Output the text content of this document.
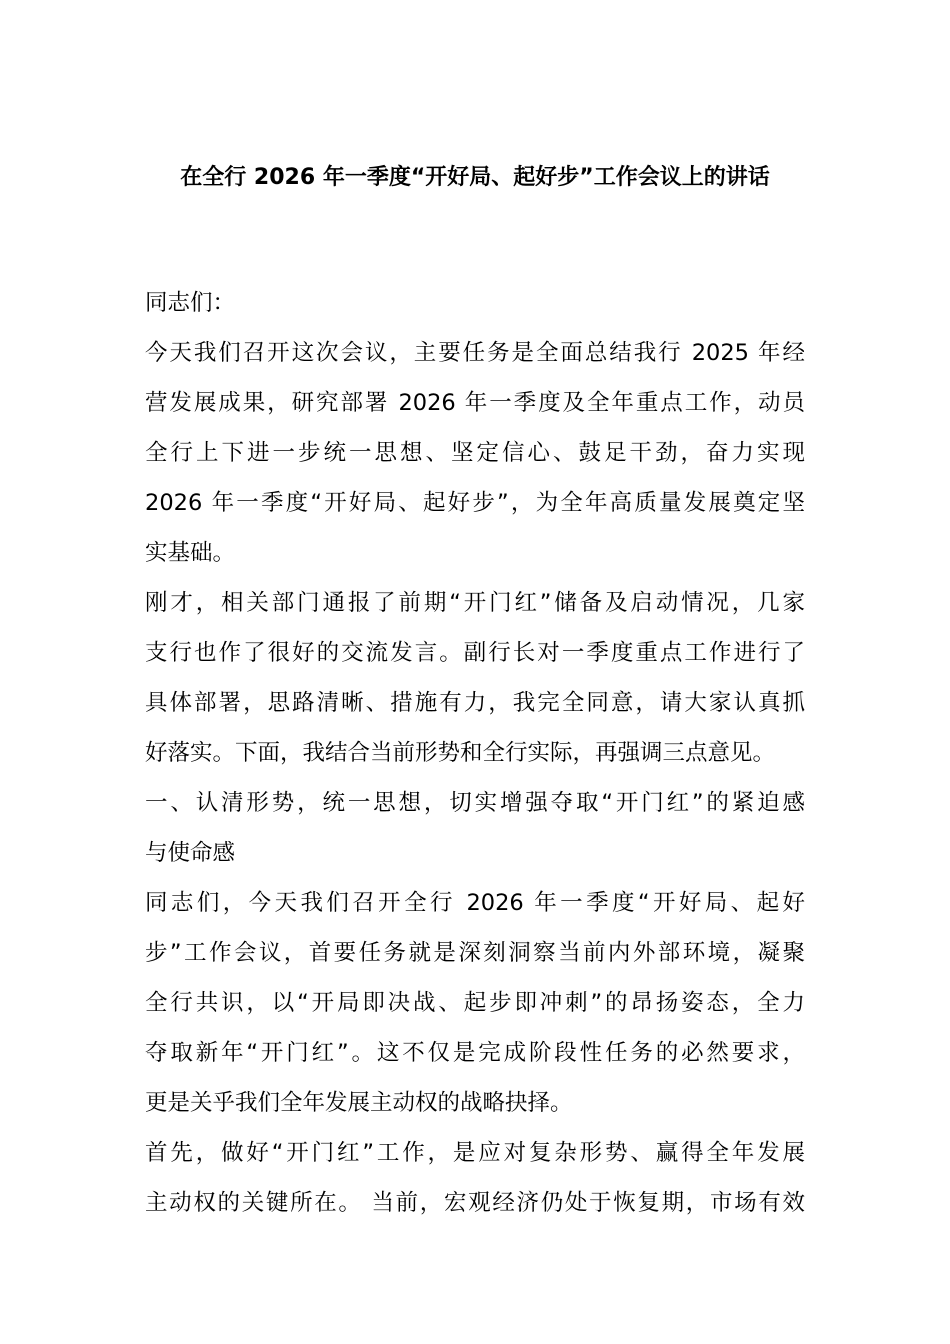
在全行 2026 年一季度“开好局、起好步”工作会议上的讲话
同志们：
今天我们召开这次会议，主要任务是全面总结我行 2025 年经
营发展成果，研究部署 2026 年一季度及全年重点工作，动员
全行上下进一步统一思想、坚定信心、鼓足干劲，奋力实现
2026 年一季度“开好局、起好步”，为全年高质量发展奠定坚
实基础。
刚才，相关部门通报了前期“开门红”储备及启动情况，几家
支行也作了很好的交流发言。副行长对一季度重点工作进行了
具体部署，思路清晰、措施有力，我完全同意，请大家认真抓
好落实。下面，我结合当前形势和全行实际，再强调三点意见。
一、认清形势，统一思想，切实增强夺取“开门红”的紧迫感
与使命感
同志们，今天我们召开全行 2026 年一季度“开好局、起好
步”工作会议，首要任务就是深刻洞察当前内外部环境，凝聚
全行共识，以“开局即决战、起步即冲刺”的昂扬姿态，全力
夺取新年“开门红”。这不仅是完成阶段性任务的必然要求，
更是关乎我们全年发展主动权的战略抉择。
首先，做好“开门红”工作，是应对复杂形势、赢得全年发展
主动权的关键所在。 当前，宏观经济仍处于恢复期，市场有效
